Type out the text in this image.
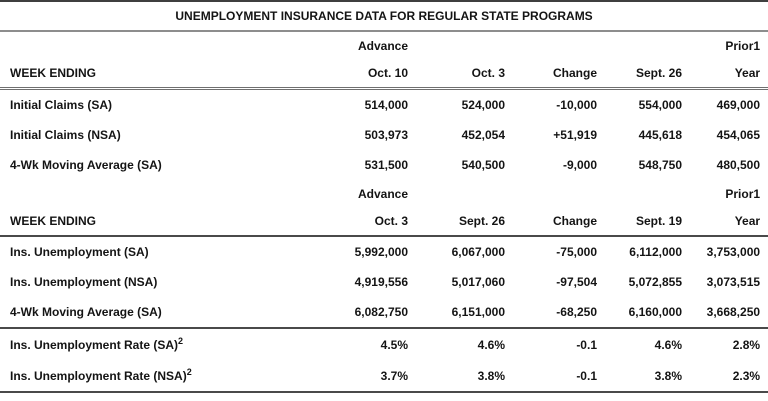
UNEMPLOYMENT INSURANCE DATA FOR REGULAR STATE PROGRAMS					
	Advance				Prior1
WEEK ENDING	Oct. 10	Oct. 3	Change	Sept. 26	Year
Initial Claims (SA)	514,000	524,000	-10,000	554,000	469,000
Initial Claims (NSA)	503,973	452,054	+51,919	445,618	454,065
4-Wk Moving Average (SA)	531,500	540,500	-9,000	548,750	480,500
	Advance				Prior1
WEEK ENDING	Oct. 3	Sept. 26	Change	Sept. 19	Year
Ins. Unemployment (SA)	5,992,000	6,067,000	-75,000	6,112,000	3,753,000
Ins. Unemployment (NSA)	4,919,556	5,017,060	-97,504	5,072,855	3,073,515
4-Wk Moving Average (SA)	6,082,750	6,151,000	-68,250	6,160,000	3,668,250
Ins. Unemployment Rate (SA)$^2$	4.5%	4.6%	-0.1	4.6%	2.8%
Ins. Unemployment Rate (NSA)$^2$	3.7%	3.8%	-0.1	3.8%	2.3%
